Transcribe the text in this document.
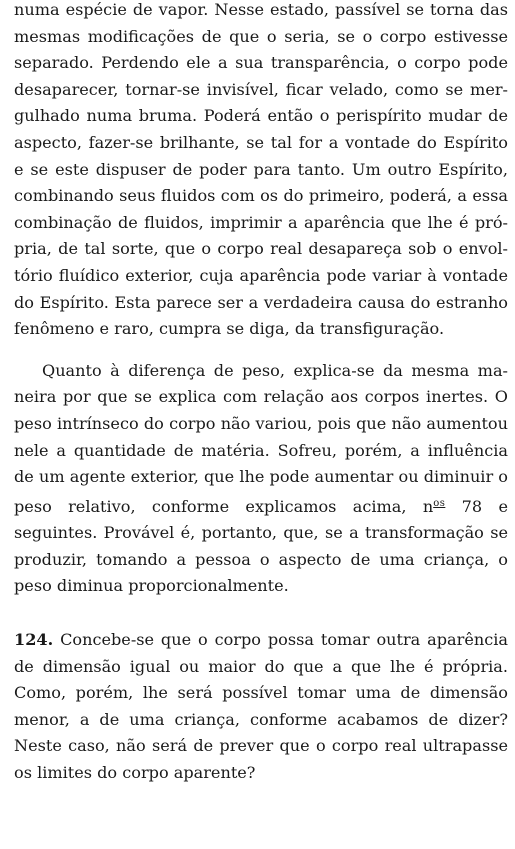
numa espécie de vapor. Nesse estado, passível se torna das mesmas modificações de que o seria, se o corpo estivesse separado. Perdendo ele a sua transparência, o corpo pode desaparecer, tornar-se invisível, ficar velado, como se mergulhado numa bruma. Poderá então o perispírito mudar de aspecto, fazer-se brilhante, se tal for a vontade do Espírito e se este dispuser de poder para tanto. Um outro Espírito, combinando seus fluidos com os do primeiro, poderá, a essa combinação de fluidos, imprimir a aparência que lhe é própria, de tal sorte, que o corpo real desapareça sob o envoltório fluídico exterior, cuja aparência pode variar à vontade do Espírito. Esta parece ser a verdadeira causa do estranho fenômeno e raro, cumpra se diga, da transfiguração.

Quanto à diferença de peso, explica-se da mesma maneira por que se explica com relação aos corpos inertes. O peso intrínseco do corpo não variou, pois que não aumentou nele a quantidade de matéria. Sofreu, porém, a influência de um agente exterior, que lhe pode aumentar ou diminuir o peso relativo, conforme explicamos acima, $n^{os}$ 78 e seguintes. Provável é, portanto, que, se a transformação se produzir, tomando a pessoa o aspecto de uma criança, o peso diminua proporcionalmente.

124. Concebe-se que o corpo possa tomar outra aparência de dimensão igual ou maior do que a que lhe é própria. Como, porém, lhe será possível tomar uma de dimensão menor, a de uma criança, conforme acabamos de dizer? Neste caso, não será de prever que o corpo real ultrapasse os limites do corpo aparente?
